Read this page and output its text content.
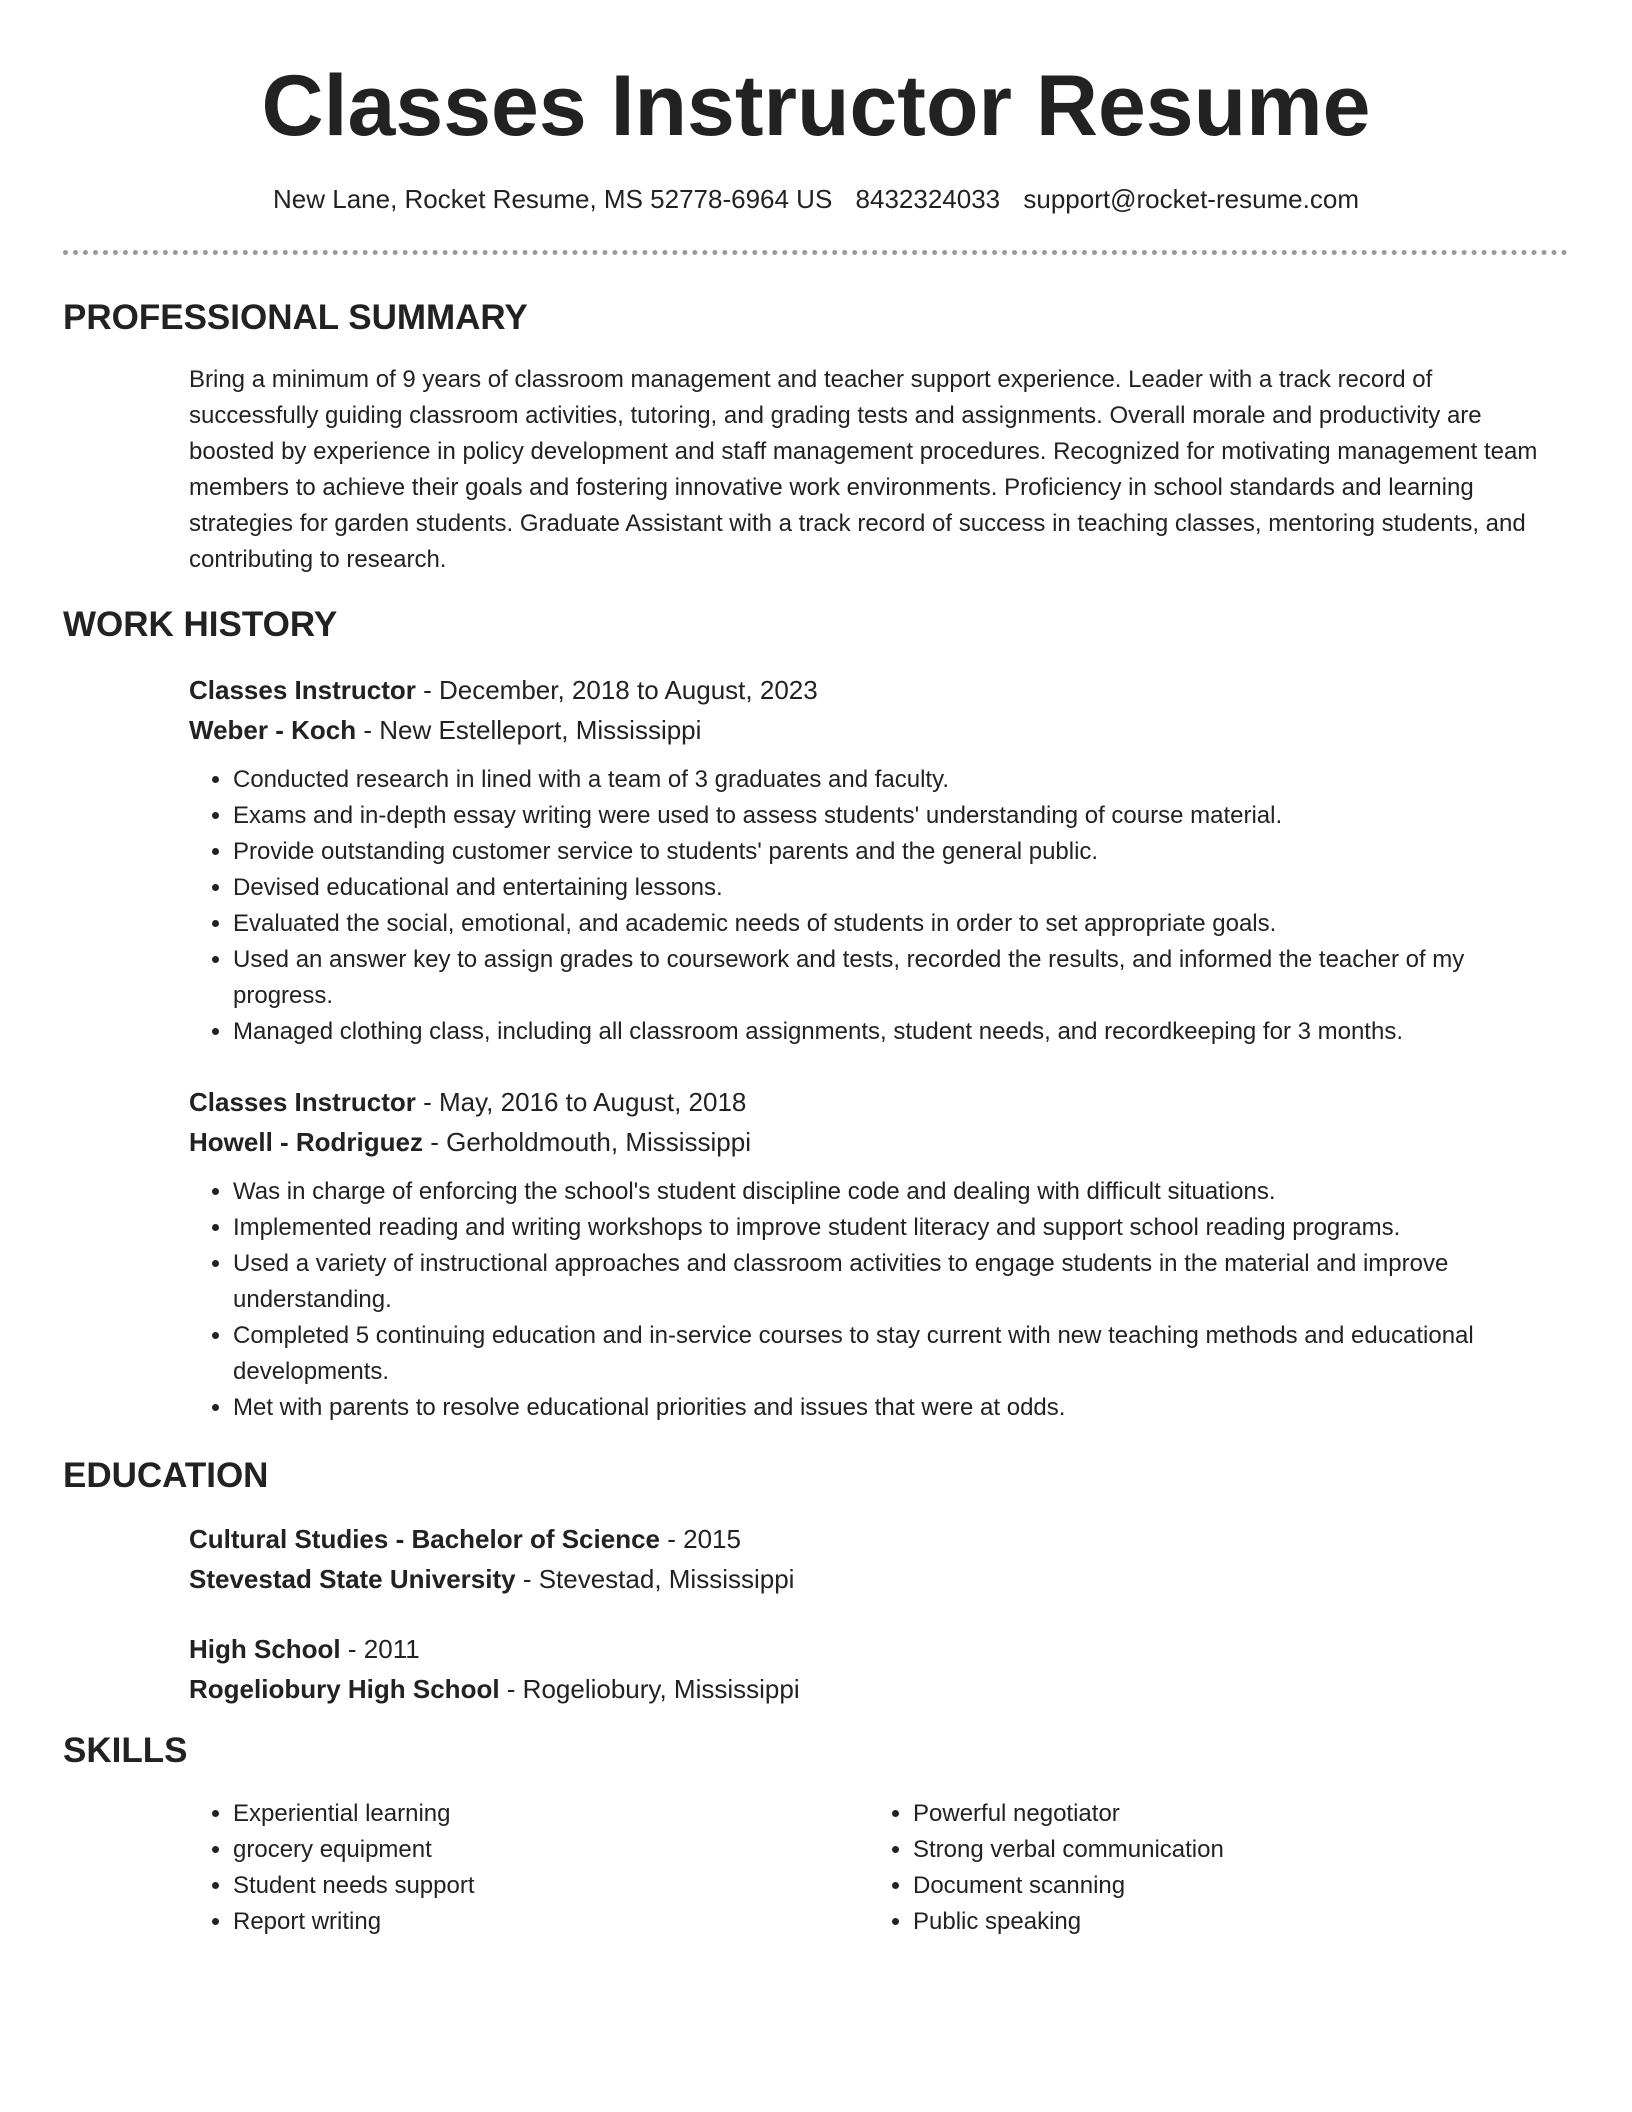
Classes Instructor Resume
New Lane, Rocket Resume, MS 52778-6964 US 8432324033 support@rocket-resume.com
PROFESSIONAL SUMMARY

Bring a minimum of 9 years of classroom management and teacher support experience. Leader with a track record of successfully guiding classroom activities, tutoring, and grading tests and assignments. Overall morale and productivity are boosted by experience in policy development and staff management procedures. Recognized for motivating management team members to achieve their goals and fostering innovative work environments. Proficiency in school standards and learning strategies for garden students. Graduate Assistant with a track record of success in teaching classes, mentoring students, and contributing to research.

WORK HISTORY

Classes Instructor - December, 2018 to August, 2023

Weber - Koch - New Estelleport, Mississippi

• Conducted research in lined with a team of 3 graduates and faculty.
• Exams and in-depth essay writing were used to assess students' understanding of course material.
• Provide outstanding customer service to students' parents and the general public.
• Devised educational and entertaining lessons.
• Evaluated the social, emotional, and academic needs of students in order to set appropriate goals.
• Used an answer key to assign grades to coursework and tests, recorded the results, and informed the teacher of my progress.
• Managed clothing class, including all classroom assignments, student needs, and recordkeeping for 3 months.

Classes Instructor - May, 2016 to August, 2018

Howell - Rodriguez - Gerholdmouth, Mississippi

• Was in charge of enforcing the school's student discipline code and dealing with difficult situations.
• Implemented reading and writing workshops to improve student literacy and support school reading programs.
• Used a variety of instructional approaches and classroom activities to engage students in the material and improve understanding.
• Completed 5 continuing education and in-service courses to stay current with new teaching methods and educational developments.
• Met with parents to resolve educational priorities and issues that were at odds.
EDUCATION

Cultural Studies - Bachelor of Science - 2015

Stevestad State University - Stevestad, Mississippi

High School - 2011

Rogeliobury High School - Rogeliobury, Mississippi

SKILLS
• Experiential learning
• grocery equipment
• Student needs support
• Report writing
• Powerful negotiator
• Strong verbal communication
• Document scanning
• Public speaking
